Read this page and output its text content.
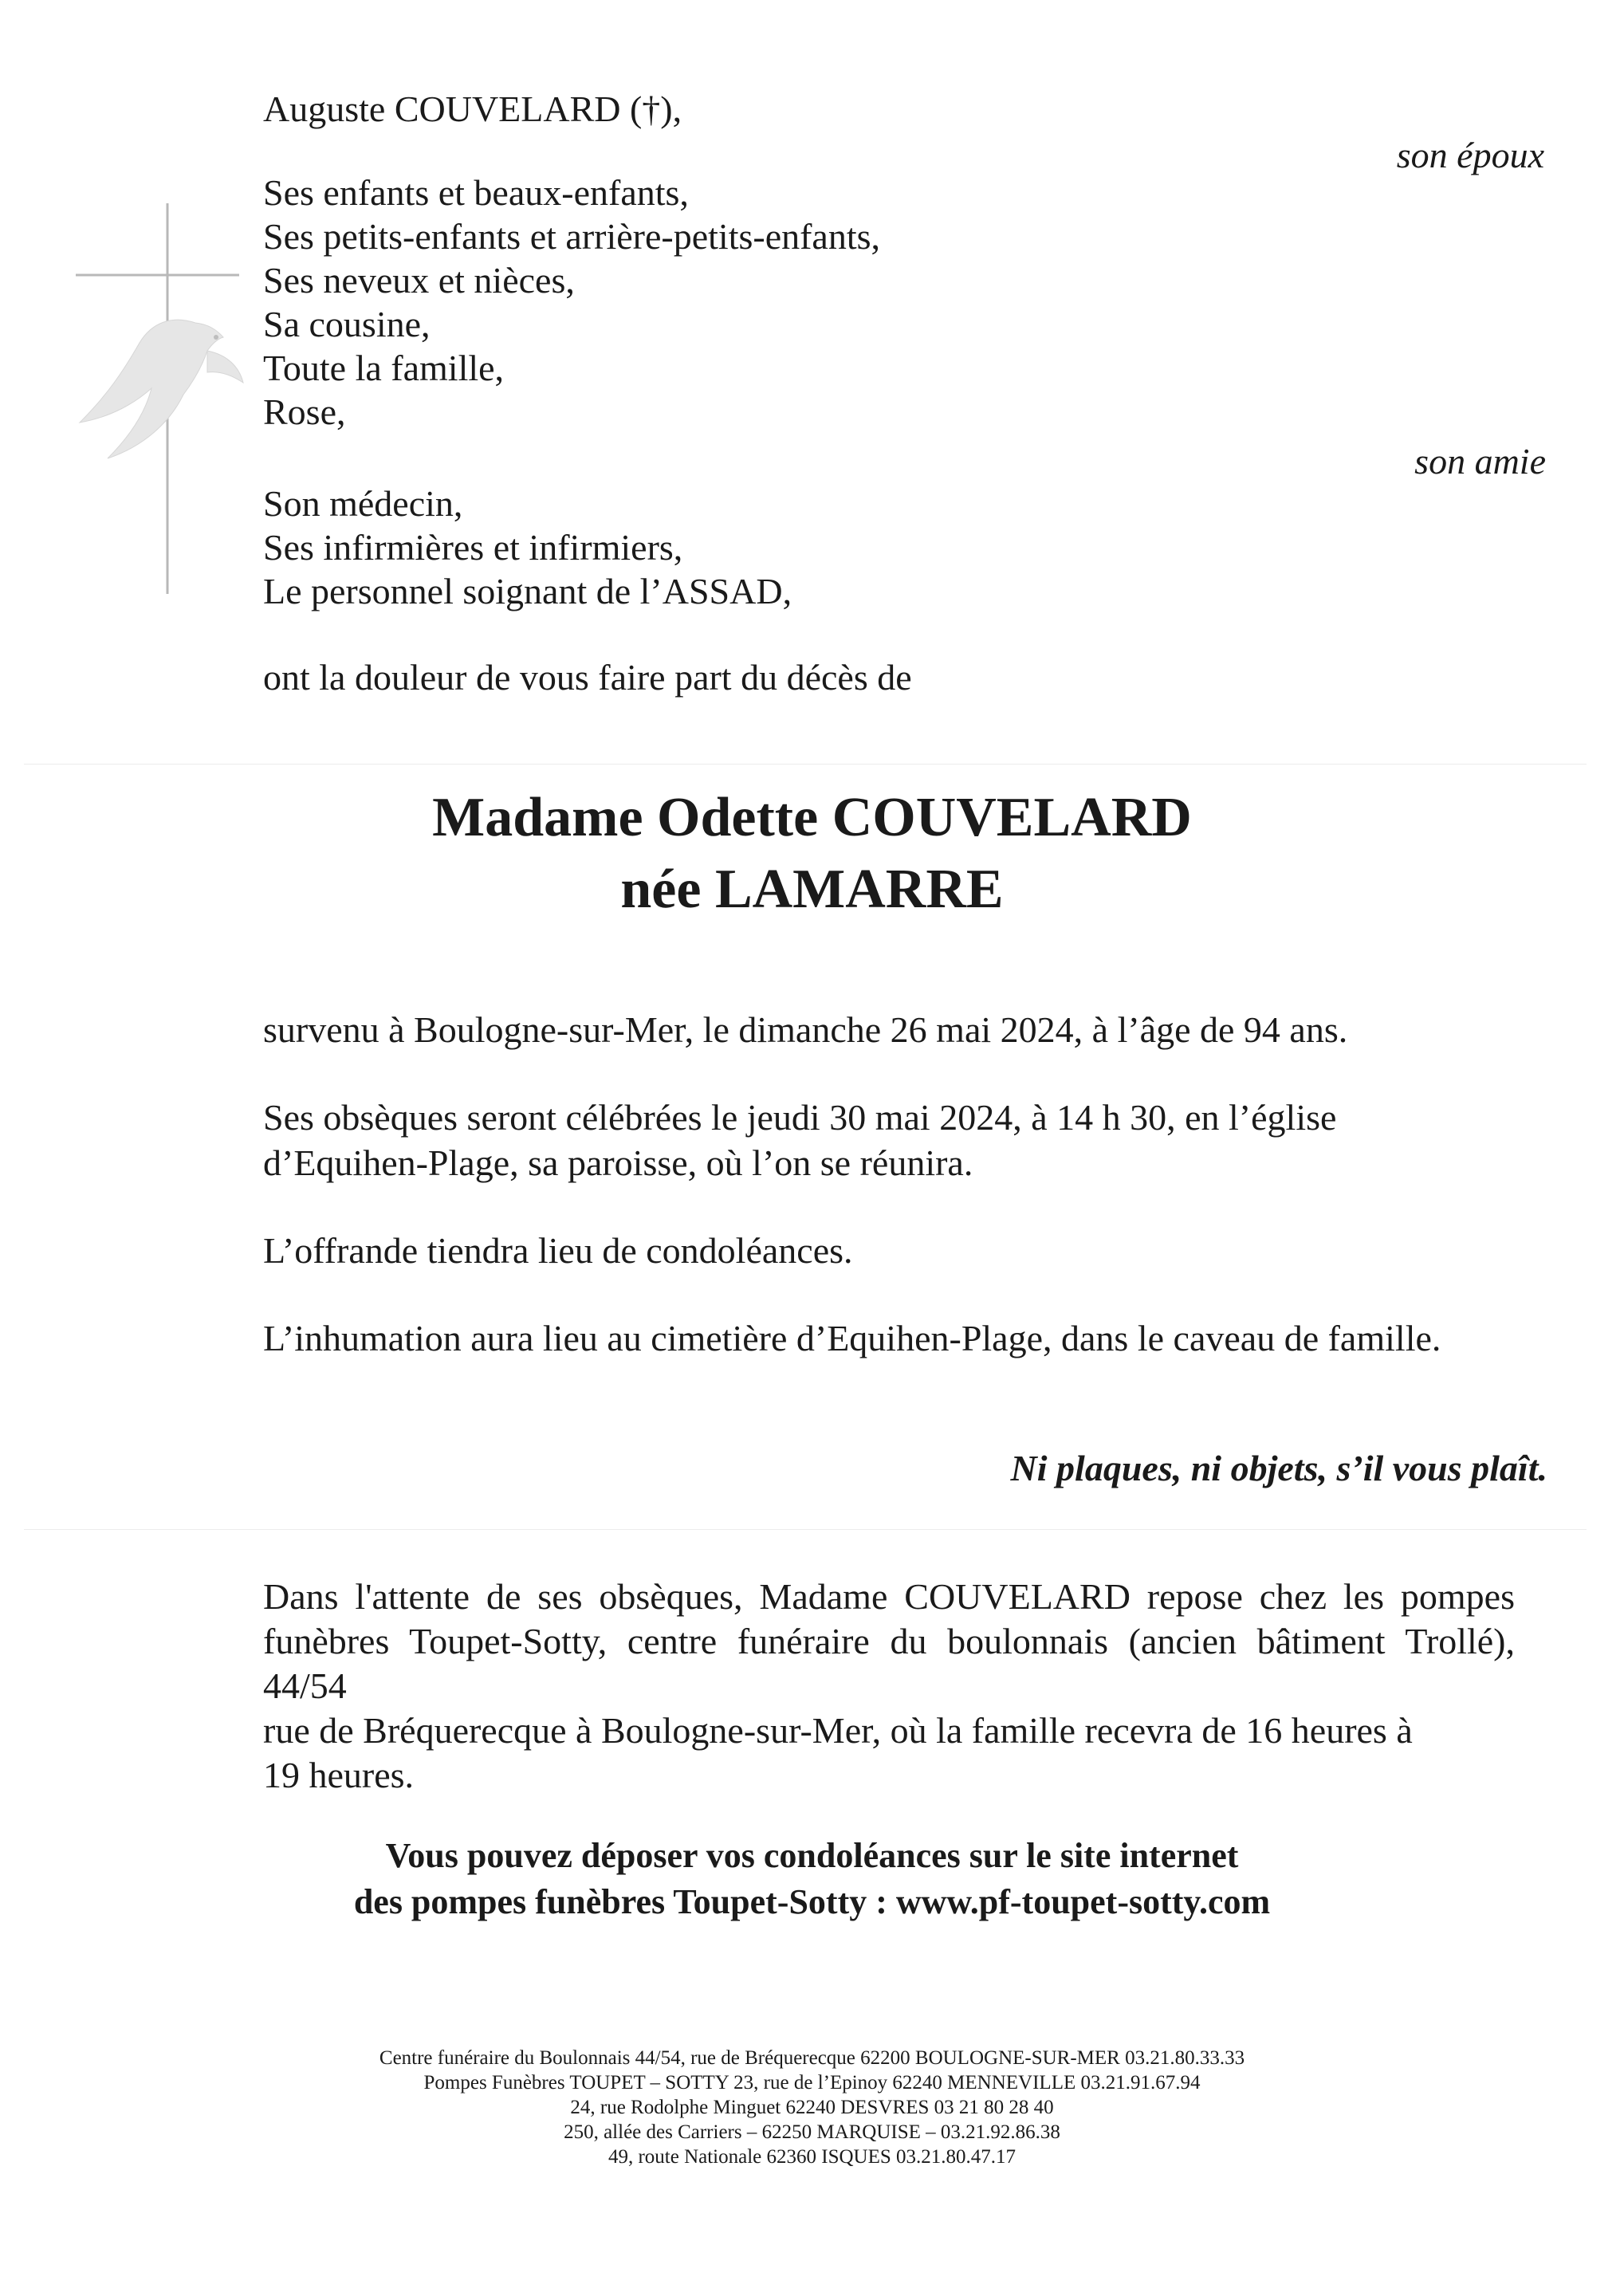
Auguste COUVELARD (†),
son époux
Ses enfants et beaux-enfants,
Ses petits-enfants et arrière-petits-enfants,
Ses neveux et nièces,
Sa cousine,
Toute la famille,
Rose,
son amie
Son médecin,
Ses infirmières et infirmiers,
Le personnel soignant de l’ASSAD,
ont la douleur de vous faire part du décès de
Madame Odette COUVELARD
née LAMARRE
survenu à Boulogne-sur-Mer, le dimanche 26 mai 2024, à l’âge de 94 ans.
Ses obsèques seront célébrées le jeudi 30 mai 2024, à 14 h 30, en l’église
d’Equihen-Plage, sa paroisse, où l’on se réunira.
L’offrande tiendra lieu de condoléances.
L’inhumation aura lieu au cimetière d’Equihen-Plage, dans le caveau de famille.
Ni plaques, ni objets, s’il vous plaît.
Dans l'attente de ses obsèques, Madame COUVELARD repose chez les pompes
funèbres Toupet-Sotty, centre funéraire du boulonnais (ancien bâtiment Trollé), 44/54
rue de Bréquerecque à Boulogne-sur-Mer, où la famille recevra de 16 heures à
19 heures.
Vous pouvez déposer vos condoléances sur le site internet
des pompes funèbres Toupet-Sotty : www.pf-toupet-sotty.com
Centre funéraire du Boulonnais 44/54, rue de Bréquerecque 62200 BOULOGNE-SUR-MER 03.21.80.33.33
Pompes Funèbres TOUPET – SOTTY 23, rue de l’Epinoy 62240 MENNEVILLE 03.21.91.67.94
24, rue Rodolphe Minguet 62240 DESVRES 03 21 80 28 40
250, allée des Carriers – 62250 MARQUISE – 03.21.92.86.38
49, route Nationale 62360 ISQUES 03.21.80.47.17
